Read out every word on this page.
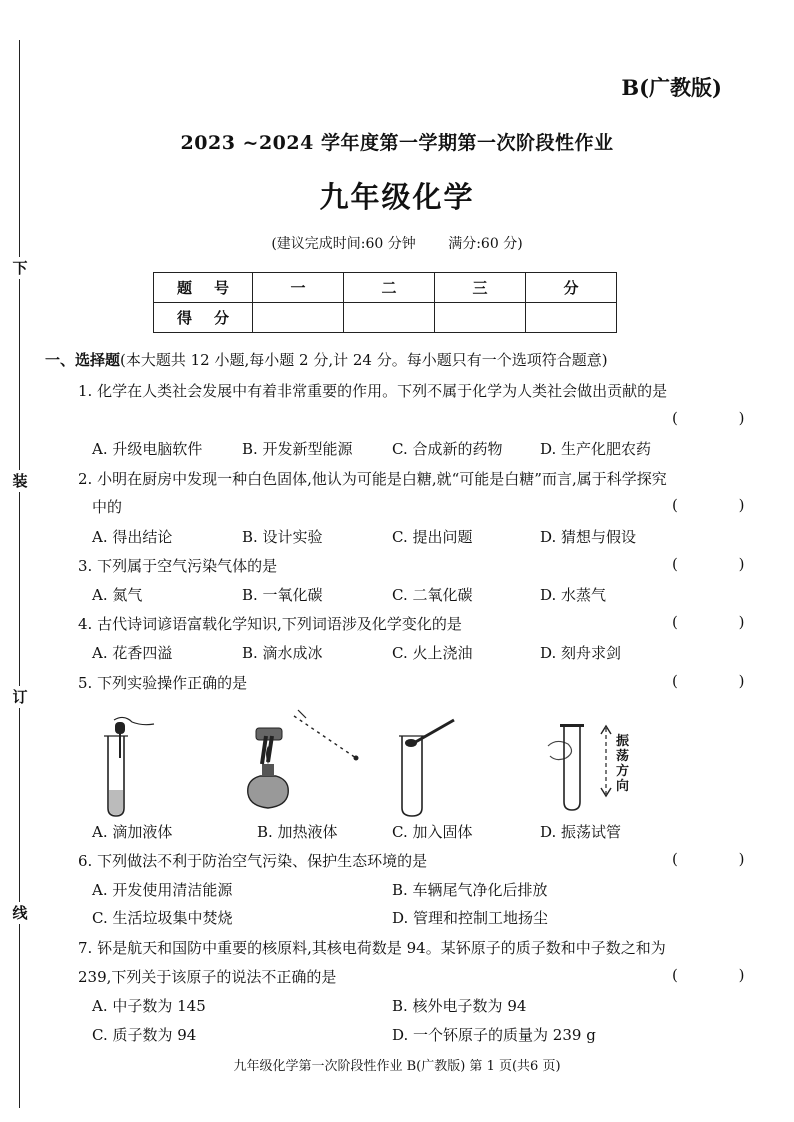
下
装
订
线
B(广教版)
2023 ~2024 学年度第一学期第一次阶段性作业
九年级化学
(建议完成时间:60 分钟 满分:60 分)
题号	一	二	三	分
得分				
一、选择题(本大题共 12 小题,每小题 2 分,计 24 分。每小题只有一个选项符合题意)
1. 化学在人类社会发展中有着非常重要的作用。下列不属于化学为人类社会做出贡献的是
( )
A. 升级电脑软件	B. 开发新型能源	C. 合成新的药物	D. 生产化肥农药
2. 小明在厨房中发现一种白色固体,他认为可能是白糖,就“可能是白糖”而言,属于科学探究
中的	( )
A. 得出结论	B. 设计实验	C. 提出问题	D. 猜想与假设
3. 下列属于空气污染气体的是	( )
A. 氮气	B. 一氧化碳	C. 二氧化碳	D. 水蒸气
4. 古代诗词谚语富载化学知识,下列词语涉及化学变化的是	( )
A. 花香四溢	B. 滴水成冰	C. 火上浇油	D. 刻舟求剑
5. 下列实验操作正确的是	( )
振
荡
方
向
A. 滴加液体	B. 加热液体	C. 加入固体	D. 振荡试管
6. 下列做法不利于防治空气污染、保护生态环境的是	( )
A. 开发使用清洁能源	B. 车辆尾气净化后排放
C. 生活垃圾集中焚烧	D. 管理和控制工地扬尘
7. 钚是航天和国防中重要的核原料,其核电荷数是 94。某钚原子的质子数和中子数之和为
239,下列关于该原子的说法不正确的是	( )
A. 中子数为 145	B. 核外电子数为 94
C. 质子数为 94	D. 一个钚原子的质量为 239 g
九年级化学第一次阶段性作业 B(广教版) 第 1 页(共6 页)
